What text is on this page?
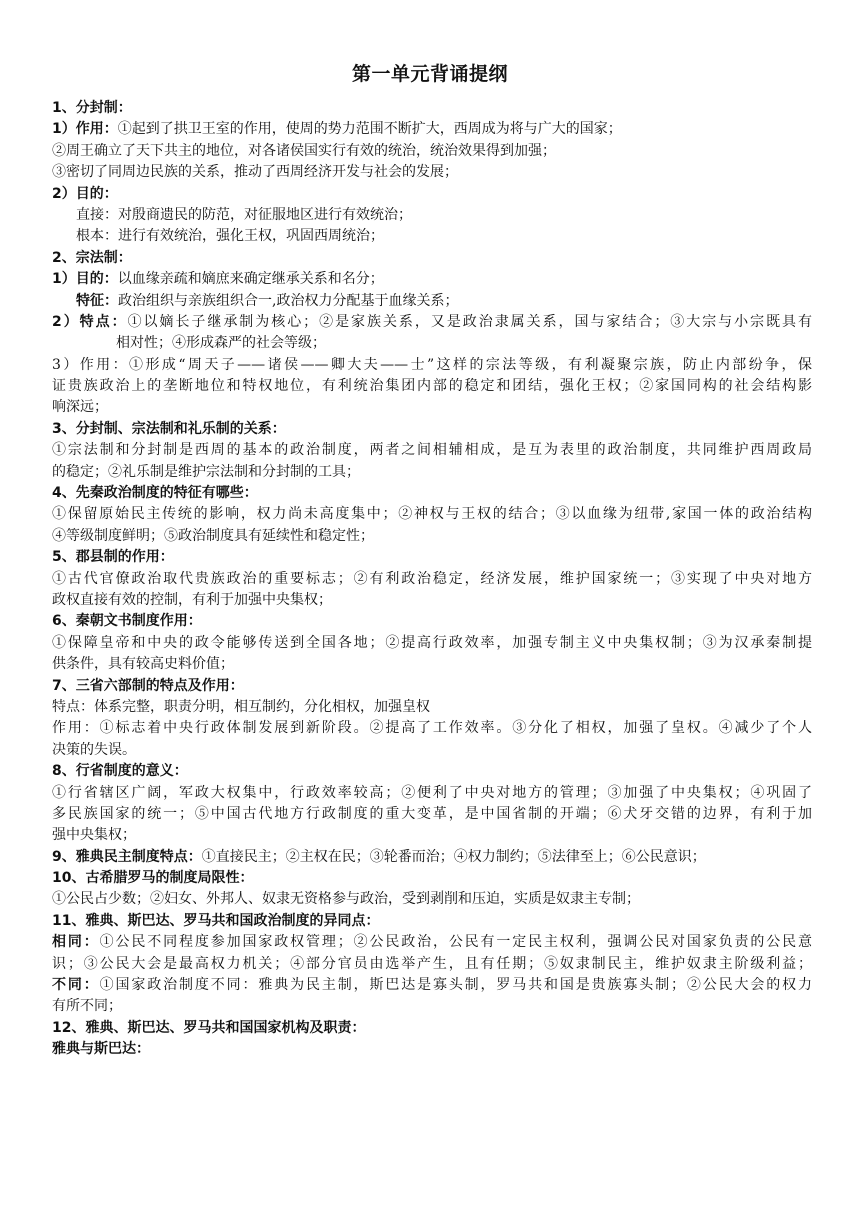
第一单元背诵提纲
1、分封制：
1）作用：①起到了拱卫王室的作用，使周的势力范围不断扩大，西周成为将与广大的国家；
②周王确立了天下共主的地位，对各诸侯国实行有效的统治，统治效果得到加强；
③密切了同周边民族的关系，推动了西周经济开发与社会的发展；
2）目的：
直接：对殷商遗民的防范，对征服地区进行有效统治；
根本：进行有效统治，强化王权，巩固西周统治；
2、宗法制：
1）目的：以血缘亲疏和嫡庶来确定继承关系和名分；
特征：政治组织与亲族组织合一,政治权力分配基于血缘关系；
2）特点：①以嫡长子继承制为核心；②是家族关系，又是政治隶属关系，国与家结合；③大宗与小宗既具有
相对性；④形成森严的社会等级；
3）作用：①形成“周天子——诸侯——卿大夫——士”这样的宗法等级，有利凝聚宗族，防止内部纷争，保
证贵族政治上的垄断地位和特权地位，有利统治集团内部的稳定和团结，强化王权；②家国同构的社会结构影
响深远；
3、分封制、宗法制和礼乐制的关系：
①宗法制和分封制是西周的基本的政治制度，两者之间相辅相成，是互为表里的政治制度，共同维护西周政局
的稳定；②礼乐制是维护宗法制和分封制的工具；
4、先秦政治制度的特征有哪些：
①保留原始民主传统的影响，权力尚未高度集中；②神权与王权的结合；③以血缘为纽带,家国一体的政治结构
④等级制度鲜明；⑤政治制度具有延续性和稳定性；
5、郡县制的作用：
①古代官僚政治取代贵族政治的重要标志；②有利政治稳定，经济发展，维护国家统一；③实现了中央对地方
政权直接有效的控制，有利于加强中央集权；
6、秦朝文书制度作用：
①保障皇帝和中央的政令能够传送到全国各地；②提高行政效率，加强专制主义中央集权制；③为汉承秦制提
供条件，具有较高史料价值；
7、三省六部制的特点及作用：
特点：体系完整，职责分明，相互制约，分化相权，加强皇权
作用：①标志着中央行政体制发展到新阶段。②提高了工作效率。③分化了相权，加强了皇权。④减少了个人
决策的失误。
8、行省制度的意义：
①行省辖区广阔，军政大权集中，行政效率较高；②便利了中央对地方的管理；③加强了中央集权；④巩固了
多民族国家的统一；⑤中国古代地方行政制度的重大变革，是中国省制的开端；⑥犬牙交错的边界，有利于加
强中央集权；
9、雅典民主制度特点：①直接民主；②主权在民；③轮番而治；④权力制约；⑤法律至上；⑥公民意识；
10、古希腊罗马的制度局限性：
①公民占少数；②妇女、外邦人、奴隶无资格参与政治，受到剥削和压迫，实质是奴隶主专制；
11、雅典、斯巴达、罗马共和国政治制度的异同点：
相同：①公民不同程度参加国家政权管理；②公民政治，公民有一定民主权利，强调公民对国家负责的公民意
识；③公民大会是最高权力机关；④部分官员由选举产生，且有任期；⑤奴隶制民主，维护奴隶主阶级利益；
不同：①国家政治制度不同：雅典为民主制，斯巴达是寡头制，罗马共和国是贵族寡头制；②公民大会的权力
有所不同；
12、雅典、斯巴达、罗马共和国国家机构及职责：
雅典与斯巴达：
